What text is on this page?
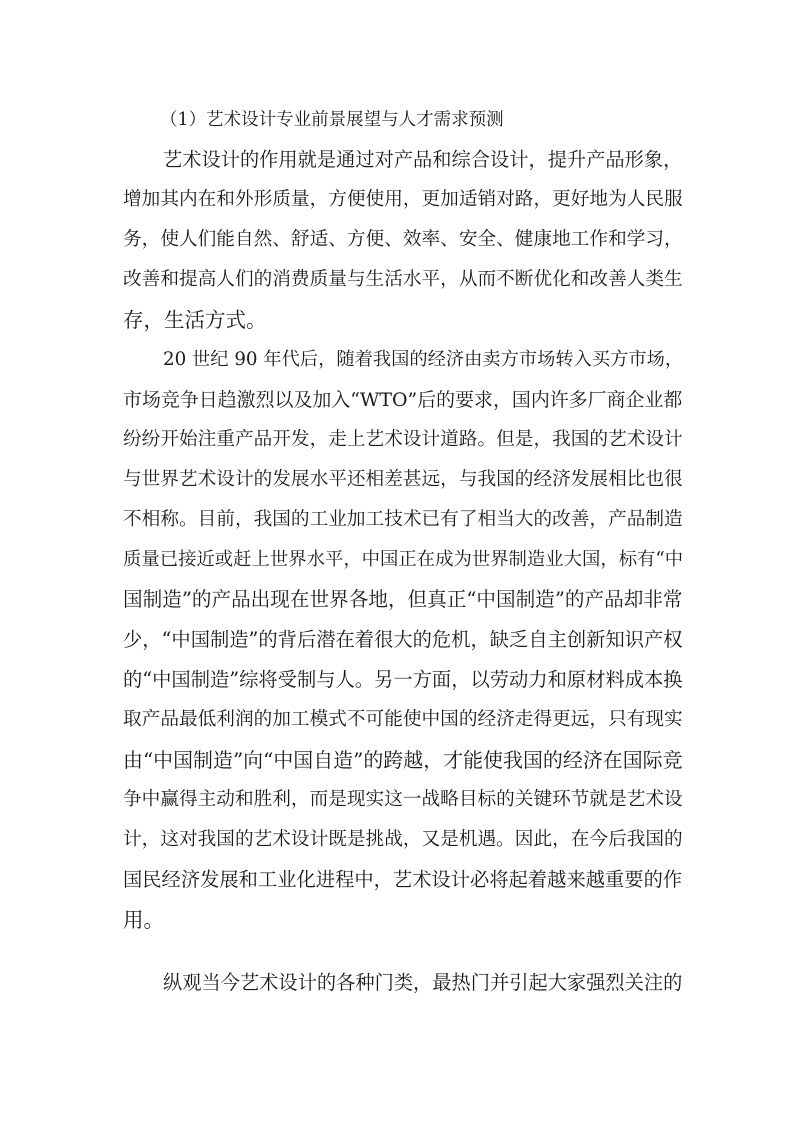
（1）艺术设计专业前景展望与人才需求预测
艺术设计的作用就是通过对产品和综合设计，提升产品形象，
增加其内在和外形质量，方便使用，更加适销对路，更好地为人民服
务，使人们能自然、舒适、方便、效率、安全、健康地工作和学习，
改善和提高人们的消费质量与生活水平，从而不断优化和改善人类生
存，生活方式。
20 世纪 90 年代后，随着我国的经济由卖方市场转入买方市场，
市场竞争日趋激烈以及加入“WTO”后的要求，国内许多厂商企业都
纷纷开始注重产品开发，走上艺术设计道路。但是，我国的艺术设计
与世界艺术设计的发展水平还相差甚远，与我国的经济发展相比也很
不相称。目前，我国的工业加工技术已有了相当大的改善，产品制造
质量已接近或赶上世界水平，中国正在成为世界制造业大国，标有“中
国制造”的产品出现在世界各地，但真正“中国制造”的产品却非常
少，“中国制造”的背后潜在着很大的危机，缺乏自主创新知识产权
的“中国制造”综将受制与人。另一方面，以劳动力和原材料成本换
取产品最低利润的加工模式不可能使中国的经济走得更远，只有现实
由“中国制造”向“中国自造”的跨越，才能使我国的经济在国际竞
争中赢得主动和胜利，而是现实这一战略目标的关键环节就是艺术设
计，这对我国的艺术设计既是挑战，又是机遇。因此，在今后我国的
国民经济发展和工业化进程中，艺术设计必将起着越来越重要的作
用。
纵观当今艺术设计的各种门类，最热门并引起大家强烈关注的
